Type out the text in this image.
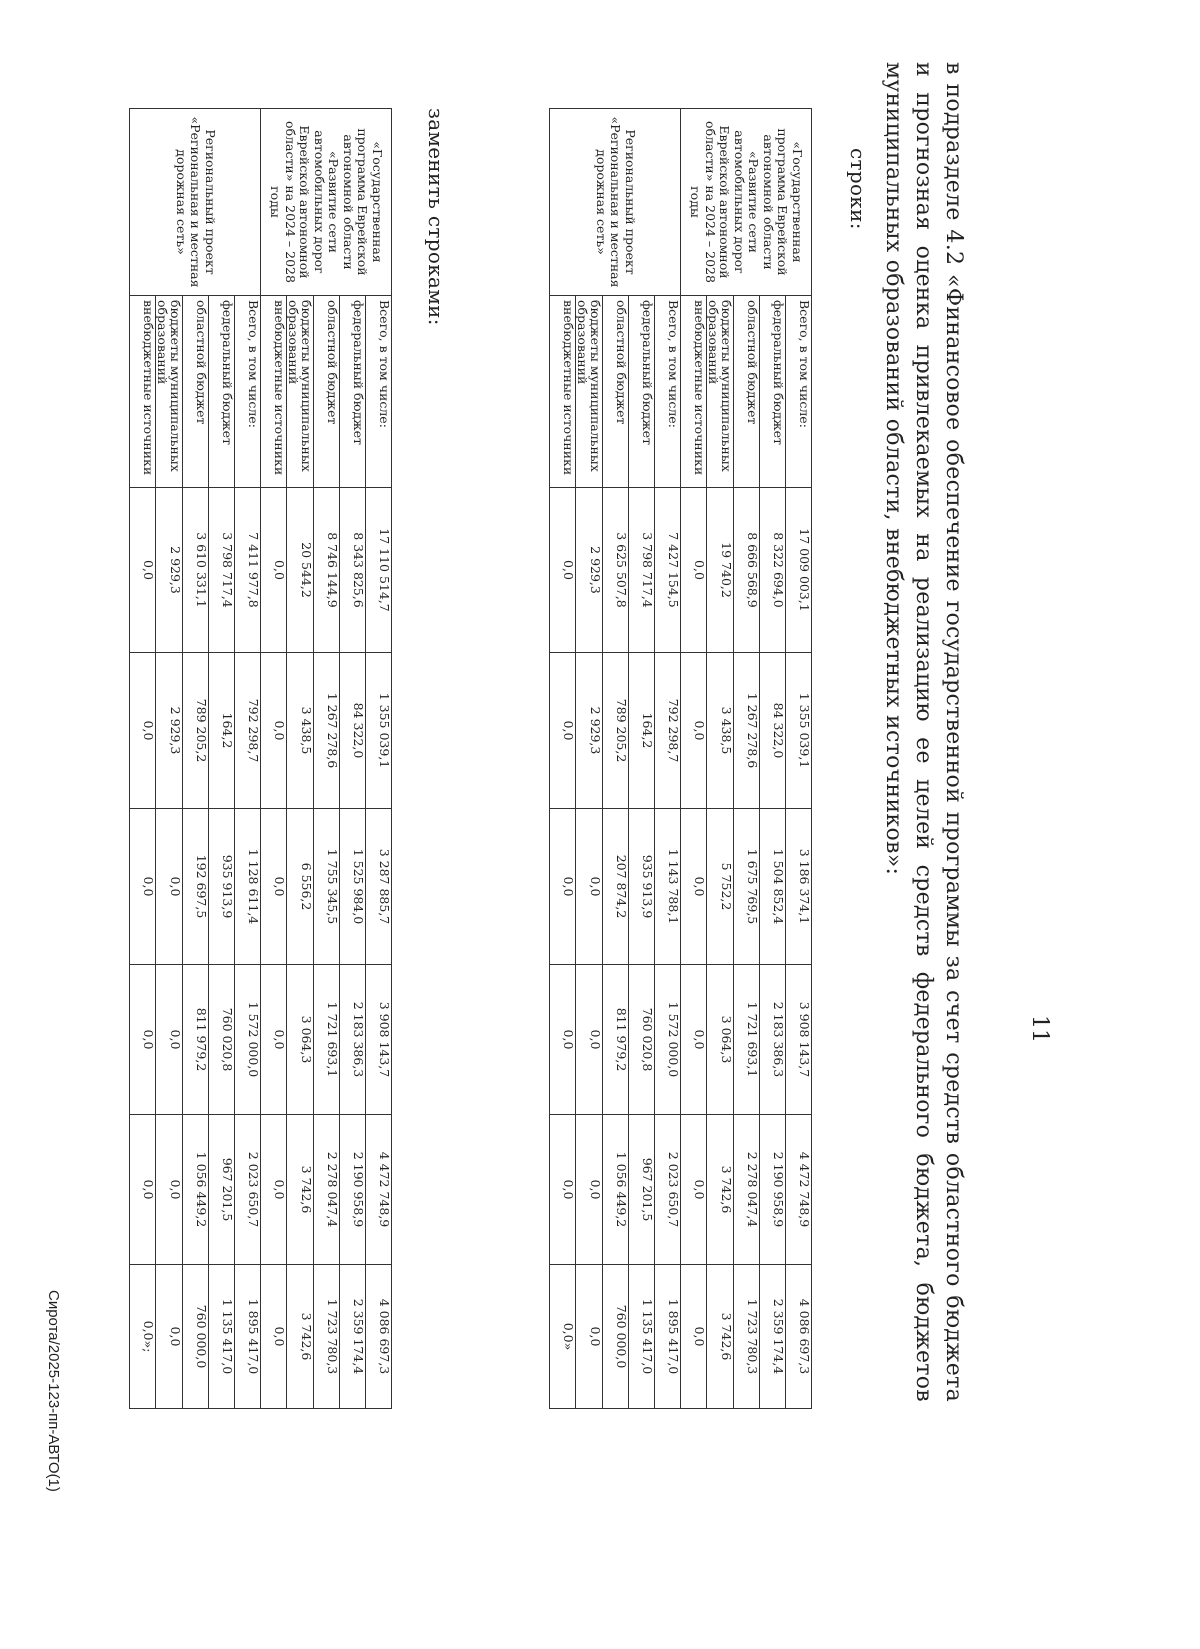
11
в подразделе 4.2 «Финансовое обеспечение государственной программы за счет средств областного бюджета и прогнозная оценка привлекаемых на реализацию ее целей средств федерального бюджета, бюджетов муниципальных образований области, внебюджетных источников»:
строки:
«Государственная программа Еврейской автономной области «Развитие сети автомобильных дорог Еврейской автономной области» на 2024 – 2028 годы	Всего, в том числе:	17 009 003,1	1 355 039,1	3 186 374,1	3 908 143,7	4 472 748,9	4 086 697,3
	федеральный бюджет	8 322 694,0	84 322,0	1 504 852,4	2 183 386,3	2 190 958,9	2 359 174,4
	областной бюджет	8 666 568,9	1 267 278,6	1 675 769,5	1 721 693,1	2 278 047,4	1 723 780,3
	бюджеты муниципальных образований	19 740,2	3 438,5	5 752,2	3 064,3	3 742,6	3 742,6
	внебюджетные источники	0,0	0,0	0,0	0,0	0,0	0,0
Региональный проект «Региональная и местная дорожная сеть»	Всего, в том числе:	7 427 154,5	792 298,7	1 143 788,1	1 572 000,0	2 023 650,7	1 895 417,0
	федеральный бюджет	3 798 717,4	164,2	935 913,9	760 020,8	967 201,5	1 135 417,0
	областной бюджет	3 625 507,8	789 205,2	207 874,2	811 979,2	1 056 449,2	760 000,0
	бюджеты муниципальных образований	2 929,3	2 929,3	0,0	0,0	0,0	0,0
	внебюджетные источники	0,0	0,0	0,0	0,0	0,0	0,0»
заменить строками:
«Государственная программа Еврейской автономной области «Развитие сети автомобильных дорог Еврейской автономной области» на 2024 – 2028 годы	Всего, в том числе:	17 110 514,7	1 355 039,1	3 287 885,7	3 908 143,7	4 472 748,9	4 086 697,3
	федеральный бюджет	8 343 825,6	84 322,0	1 525 984,0	2 183 386,3	2 190 958,9	2 359 174,4
	областной бюджет	8 746 144,9	1 267 278,6	1 755 345,5	1 721 693,1	2 278 047,4	1 723 780,3
	бюджеты муниципальных образований	20 544,2	3 438,5	6 556,2	3 064,3	3 742,6	3 742,6
	внебюджетные источники	0,0	0,0	0,0	0,0	0,0	0,0
Региональный проект «Региональная и местная дорожная сеть»	Всего, в том числе:	7 411 977,8	792 298,7	1 128 611,4	1 572 000,0	2 023 650,7	1 895 417,0
	федеральный бюджет	3 798 717,4	164,2	935 913,9	760 020,8	967 201,5	1 135 417,0
	областной бюджет	3 610 331,1	789 205,2	192 697,5	811 979,2	1 056 449,2	760 000,0
	бюджеты муниципальных образований	2 929,3	2 929,3	0,0	0,0	0,0	0,0
	внебюджетные источники	0,0	0,0	0,0	0,0	0,0	0,0»;
Сирота/2025-123-пп-АВТО(1)
